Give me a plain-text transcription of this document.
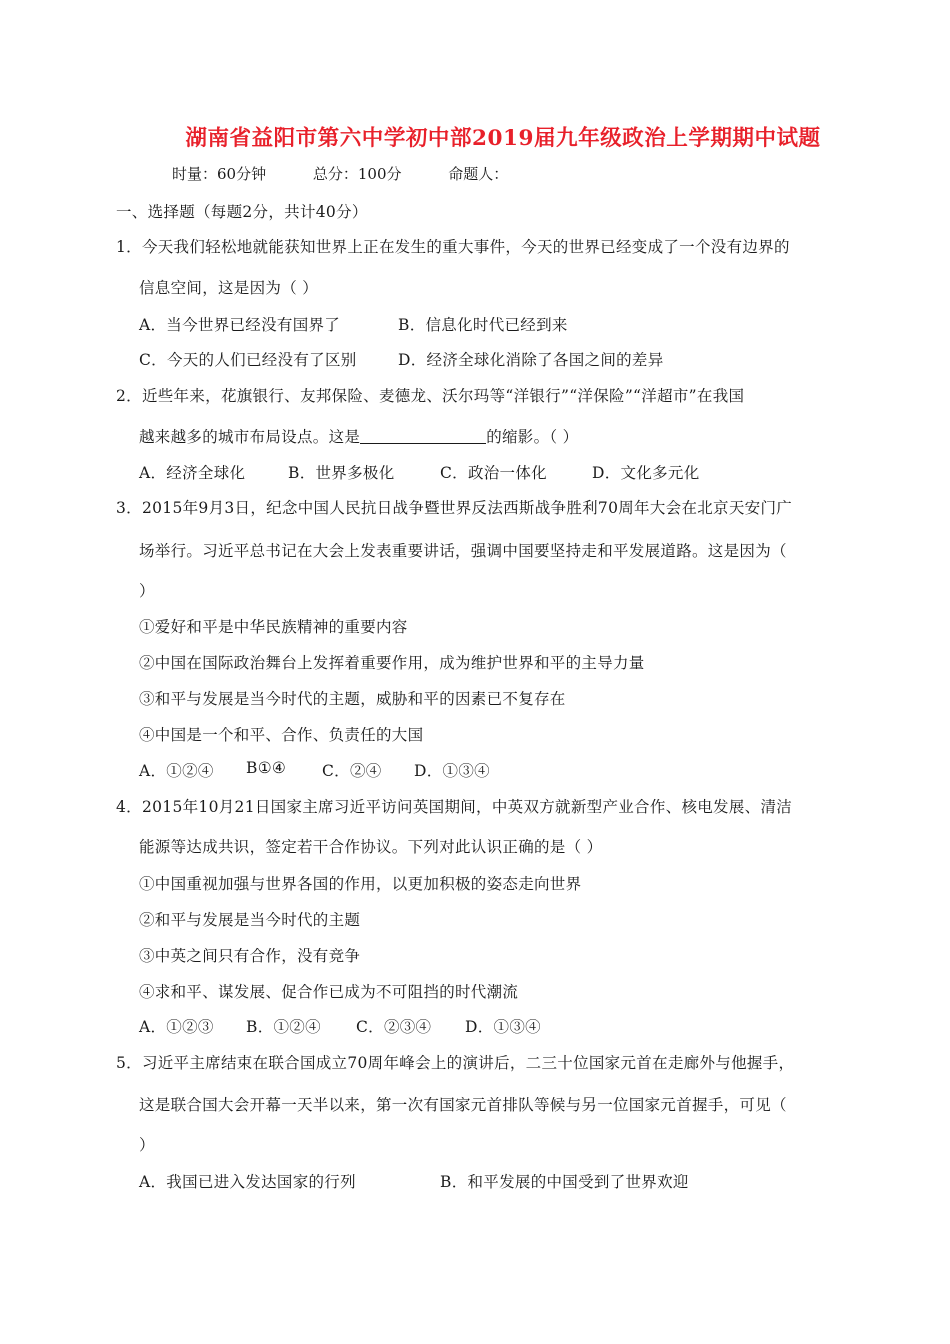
湖南省益阳市第六中学初中部2019届九年级政治上学期期中试题
时量：60分钟	总分：100分	命题人：
一、选择题（每题2分，共计40分）
1．今天我们轻松地就能获知世界上正在发生的重大事件，今天的世界已经变成了一个没有边界的
信息空间，这是因为（ ）
A．当今世界已经没有国界了	B．信息化时代已经到来
C．今天的人们已经没有了区别	D．经济全球化消除了各国之间的差异
2．近些年来，花旗银行、友邦保险、麦德龙、沃尔玛等“洋银行”“洋保险”“洋超市”在我国
越来越多的城市布局设点。这是	的缩影。（ ）
A．经济全球化	B．世界多极化	C．政治一体化	D．文化多元化
3．2015年9月3日，纪念中国人民抗日战争暨世界反法西斯战争胜利70周年大会在北京天安门广
场举行。习近平总书记在大会上发表重要讲话，强调中国要坚持走和平发展道路。这是因为（
）
①爱好和平是中华民族精神的重要内容
②中国在国际政治舞台上发挥着重要作用，成为维护世界和平的主导力量
③和平与发展是当今时代的主题，威胁和平的因素已不复存在
④中国是一个和平、合作、负责任的大国
A．①②④ B①④ C．②④ D．①③④
4．2015年10月21日国家主席习近平访问英国期间，中英双方就新型产业合作、核电发展、清洁
能源等达成共识，签定若干合作协议。下列对此认识正确的是（ ）
①中国重视加强与世界各国的作用，以更加积极的姿态走向世界
②和平与发展是当今时代的主题
③中英之间只有合作，没有竞争
④求和平、谋发展、促合作已成为不可阻挡的时代潮流
A．①②③ B．①②④ C．②③④ D．①③④
5．习近平主席结束在联合国成立70周年峰会上的演讲后，二三十位国家元首在走廊外与他握手，
这是联合国大会开幕一天半以来，第一次有国家元首排队等候与另一位国家元首握手，可见（
）
A．我国已进入发达国家的行列	B．和平发展的中国受到了世界欢迎
